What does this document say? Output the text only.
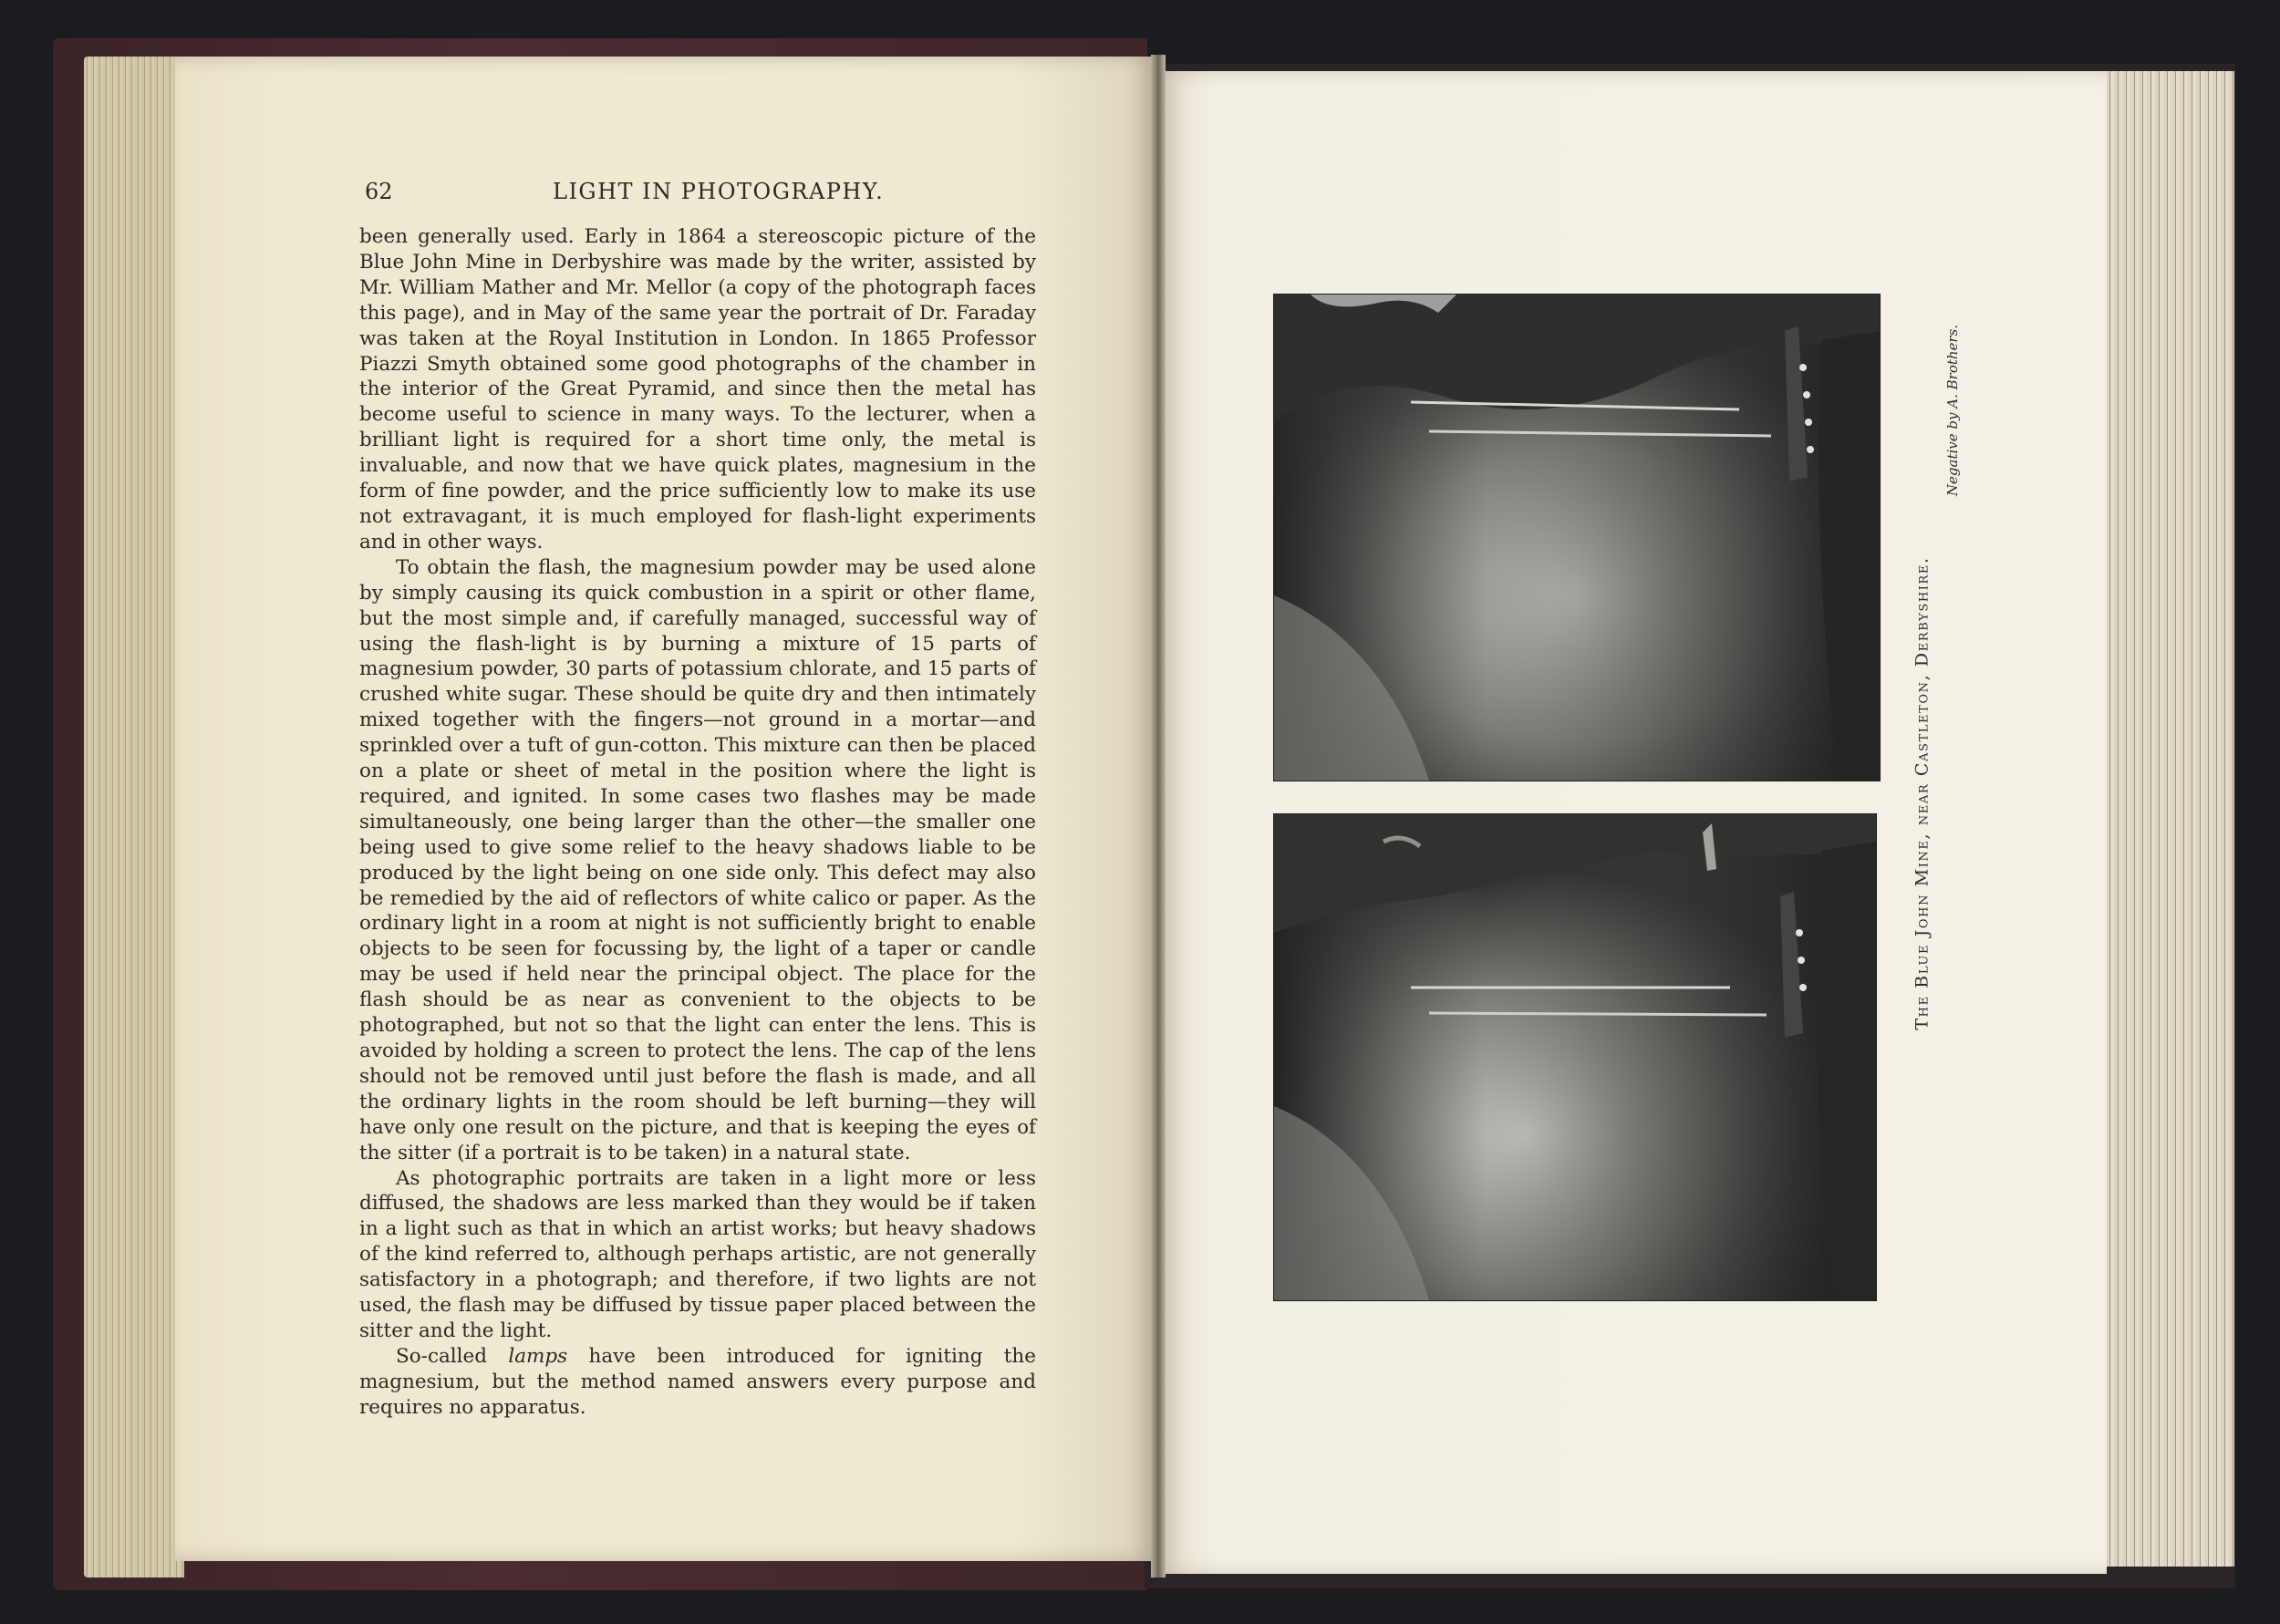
62	LIGHT IN PHOTOGRAPHY.

been generally used. Early in 1864 a stereoscopic picture of the Blue John Mine in Derbyshire was made by the writer, assisted by Mr. William Mather and Mr. Mellor (a copy of the photograph faces this page), and in May of the same year the portrait of Dr. Faraday was taken at the Royal Institution in London. In 1865 Professor Piazzi Smyth obtained some good photographs of the chamber in the interior of the Great Pyramid, and since then the metal has become useful to science in many ways. To the lecturer, when a brilliant light is required for a short time only, the metal is invaluable, and now that we have quick plates, magnesium in the form of fine powder, and the price sufficiently low to make its use not extravagant, it is much employed for flash-light experiments and in other ways.

To obtain the flash, the magnesium powder may be used alone by simply causing its quick combustion in a spirit or other flame, but the most simple and, if carefully managed, successful way of using the flash-light is by burning a mixture of 15 parts of magnesium powder, 30 parts of potassium chlorate, and 15 parts of crushed white sugar. These should be quite dry and then intimately mixed together with the fingers—not ground in a mortar—and sprinkled over a tuft of gun-cotton. This mixture can then be placed on a plate or sheet of metal in the position where the light is required, and ignited. In some cases two flashes may be made simultaneously, one being larger than the other—the smaller one being used to give some relief to the heavy shadows liable to be produced by the light being on one side only. This defect may also be remedied by the aid of reflectors of white calico or paper. As the ordinary light in a room at night is not sufficiently bright to enable objects to be seen for focussing by, the light of a taper or candle may be used if held near the principal object. The place for the flash should be as near as convenient to the objects to be photographed, but not so that the light can enter the lens. This is avoided by holding a screen to protect the lens. The cap of the lens should not be removed until just before the flash is made, and all the ordinary lights in the room should be left burning—they will have only one result on the picture, and that is keeping the eyes of the sitter (if a portrait is to be taken) in a natural state.

As photographic portraits are taken in a light more or less diffused, the shadows are less marked than they would be if taken in a light such as that in which an artist works; but heavy shadows of the kind referred to, although perhaps artistic, are not generally satisfactory in a photograph; and therefore, if two lights are not used, the flash may be diffused by tissue paper placed between the sitter and the light.

So-called lamps have been introduced for igniting the magnesium, but the method named answers every purpose and requires no apparatus.

The Blue John Mine, near Castleton, Derbyshire.
Negative by A. Brothers.
